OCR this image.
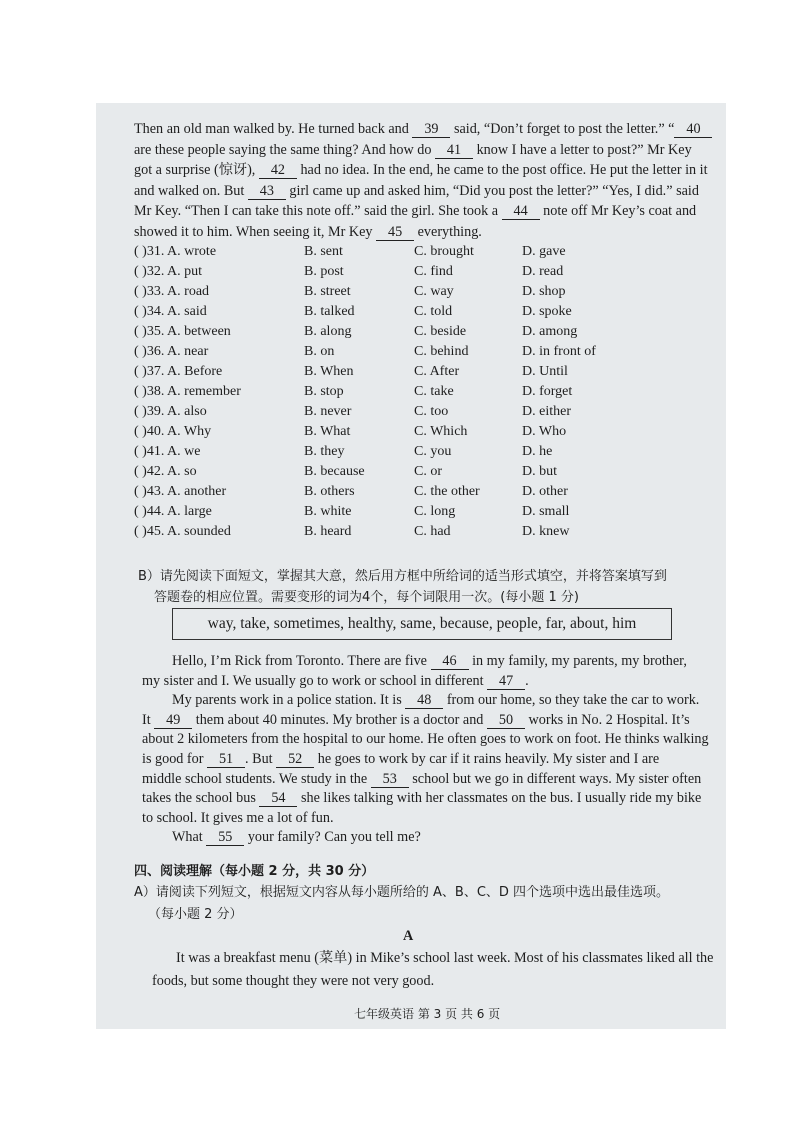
Then an old man walked by. He turned back and 39 said, “Don’t forget to post the letter.” “ 40
are these people saying the same thing? And how do 41 know I have a letter to post?” Mr Key
got a surprise (惊讶), 42 had no idea. In the end, he came to the post office. He put the letter in it
and walked on. But 43 girl came up and asked him, “Did you post the letter?” “Yes, I did.” said
Mr Key. “Then I can take this note off.” said the girl. She took a 44 note off Mr Key’s coat and
showed it to him. When seeing it, Mr Key 45 everything.
( )31. A. wrote	B. sent	C. brought	D. gave
( )32. A. put	B. post	C. find	D. read
( )33. A. road	B. street	C. way	D. shop
( )34. A. said	B. talked	C. told	D. spoke
( )35. A. between	B. along	C. beside	D. among
( )36. A. near	B. on	C. behind	D. in front of
( )37. A. Before	B. When	C. After	D. Until
( )38. A. remember	B. stop	C. take	D. forget
( )39. A. also	B. never	C. too	D. either
( )40. A. Why	B. What	C. Which	D. Who
( )41. A. we	B. they	C. you	D. he
( )42. A. so	B. because	C. or	D. but
( )43. A. another	B. others	C. the other	D. other
( )44. A. large	B. white	C. long	D. small
( )45. A. sounded	B. heard	C. had	D. knew
B）请先阅读下面短文，掌握其大意，然后用方框中所给词的适当形式填空，并将答案填写到
答题卷的相应位置。需要变形的词为4个，每个词限用一次。(每小题 1 分)
way, take, sometimes, healthy, same, because, people, far, about, him
Hello, I’m Rick from Toronto. There are five 46 in my family, my parents, my brother,
my sister and I. We usually go to work or school in different 47 .
My parents work in a police station. It is 48 from our home, so they take the car to work.
It 49 them about 40 minutes. My brother is a doctor and 50 works in No. 2 Hospital. It’s
about 2 kilometers from the hospital to our home. He often goes to work on foot. He thinks walking
is good for 51 . But 52 he goes to work by car if it rains heavily. My sister and I are
middle school students. We study in the 53 school but we go in different ways. My sister often
takes the school bus 54 she likes talking with her classmates on the bus. I usually ride my bike
to school. It gives me a lot of fun.
What 55 your family? Can you tell me?
四、阅读理解（每小题 2 分，共 30 分）
A）请阅读下列短文，根据短文内容从每小题所给的 A、B、C、D 四个选项中选出最佳选项。
（每小题 2 分）
A
It was a breakfast menu (菜单) in Mike’s school last week. Most of his classmates liked all the
foods, but some thought they were not very good.
七年级英语 第 3 页 共 6 页
